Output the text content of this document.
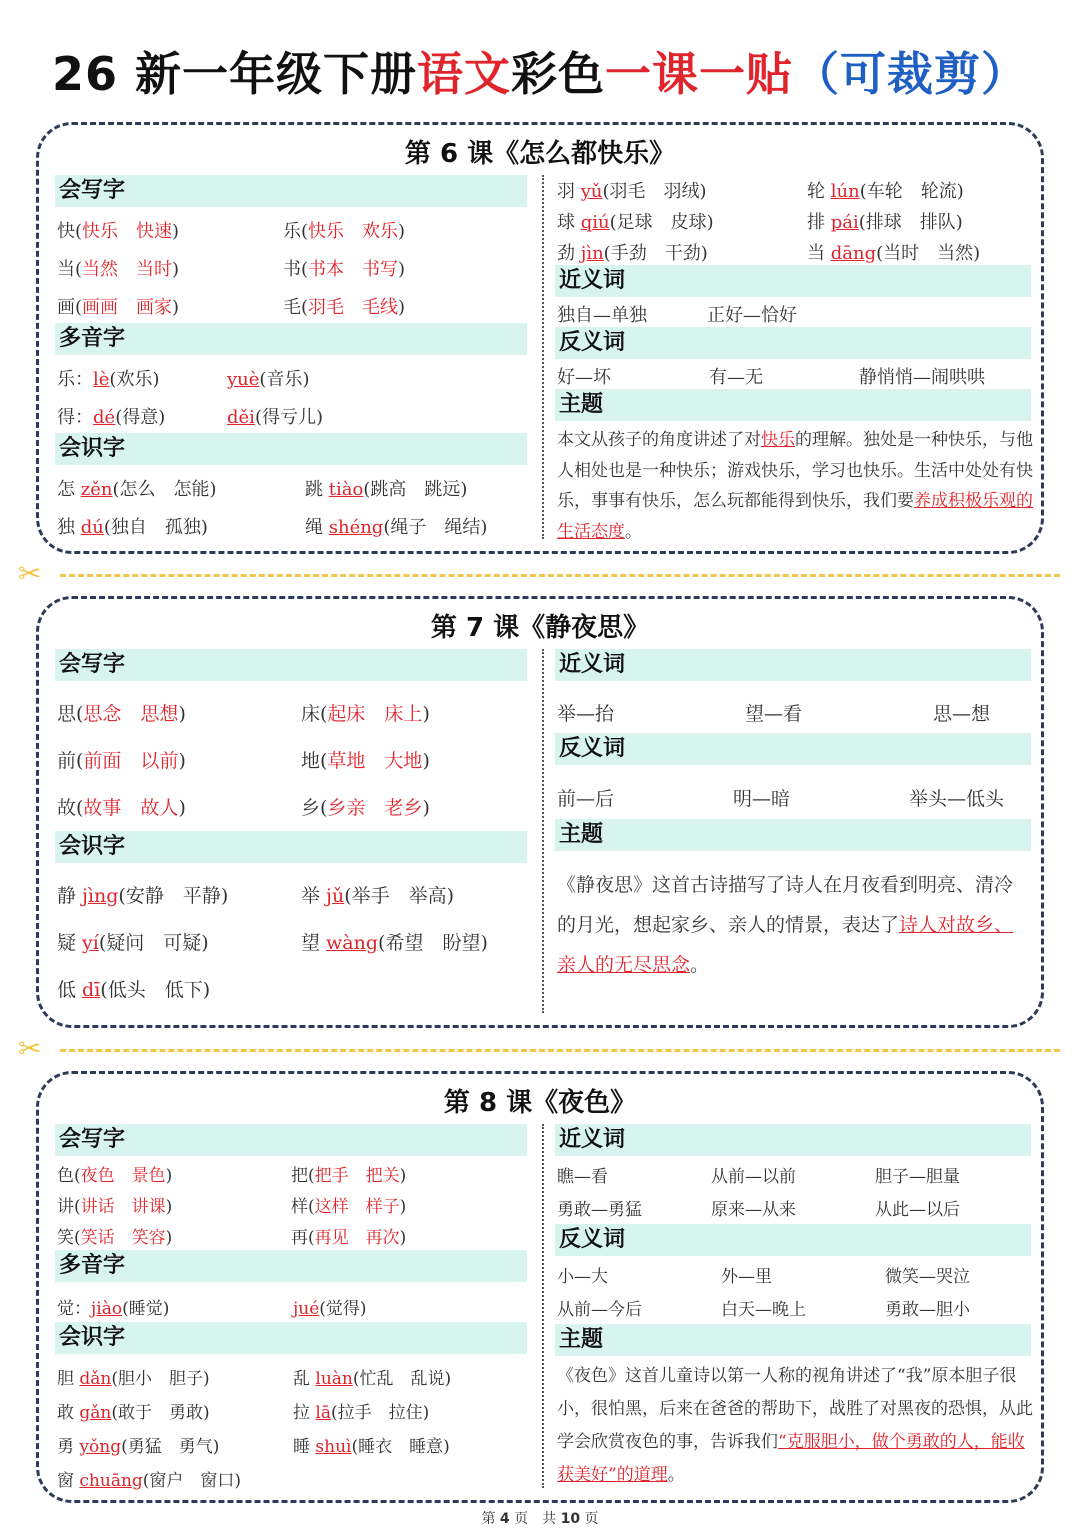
26 新一年级下册语文彩色一课一贴（可裁剪）
第 6 课《怎么都快乐》
会写字
快(快乐　快速)	乐(快乐　欢乐)
当(当然　当时)	书(书本　书写)
画(画画　画家)	毛(羽毛　毛线)
多音字
乐：lè(欢乐)	yuè(音乐)
得：dé(得意)	děi(得亏儿)
会识字
怎 zěn(怎么　怎能)	跳 tiào(跳高　跳远)
独 dú(独自　孤独)	绳 shéng(绳子　绳结)
羽 yǔ(羽毛　羽绒)	轮 lún(车轮　轮流)
球 qiú(足球　皮球)	排 pái(排球　排队)
劲 jìn(手劲　干劲)	当 dāng(当时　当然)
近义词
独自—单独	正好—恰好
反义词
好—坏	有—无	静悄悄—闹哄哄
主题
本文从孩子的角度讲述了对快乐的理解。独处是一种快乐，与他人相处也是一种快乐；游戏快乐，学习也快乐。生活中处处有快乐，事事有快乐，怎么玩都能得到快乐，我们要养成积极乐观的生活态度。
✂
第 7 课《静夜思》
会写字
思(思念　思想)	床(起床　床上)
前(前面　以前)	地(草地　大地)
故(故事　故人)	乡(乡亲　老乡)
会识字
静 jìng(安静　平静)	举 jǔ(举手　举高)
疑 yí(疑问　可疑)	望 wàng(希望　盼望)
低 dī(低头　低下)
近义词
举—抬	望—看	思—想
反义词
前—后	明—暗	举头—低头
主题
《静夜思》这首古诗描写了诗人在月夜看到明亮、清冷的月光，想起家乡、亲人的情景，表达了诗人对故乡、亲人的无尽思念。
✂
第 8 课《夜色》
会写字
色(夜色　景色)	把(把手　把关)
讲(讲话　讲课)	样(这样　样子)
笑(笑话　笑容)	再(再见　再次)
多音字
觉：jiào(睡觉)	jué(觉得)
会识字
胆 dǎn(胆小　胆子)	乱 luàn(忙乱　乱说)
敢 gǎn(敢于　勇敢)	拉 lā(拉手　拉住)
勇 yǒng(勇猛　勇气)	睡 shuì(睡衣　睡意)
窗 chuāng(窗户　窗口)
近义词
瞧—看	从前—以前	胆子—胆量
勇敢—勇猛	原来—从来	从此—以后
反义词
小—大	外—里	微笑—哭泣
从前—今后	白天—晚上	勇敢—胆小
主题
《夜色》这首儿童诗以第一人称的视角讲述了“我”原本胆子很小，很怕黑，后来在爸爸的帮助下，战胜了对黑夜的恐惧，从此学会欣赏夜色的事，告诉我们“克服胆小，做个勇敢的人，能收获美好”的道理。
第 4 页　共 10 页
